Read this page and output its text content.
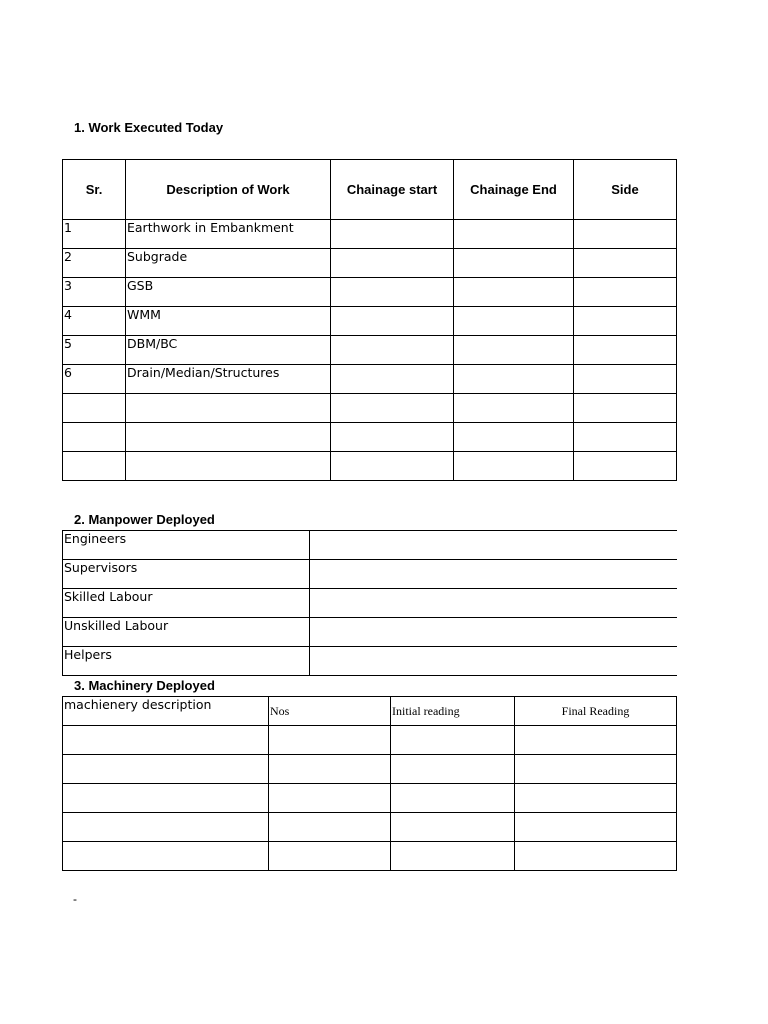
1. Work Executed Today
Sr.	Description of Work	Chainage start	Chainage End	Side

1	Earthwork in Embankment			

2	Subgrade			

3	GSB			

4	WMM			

5	DBM/BC			

6	Drain/Median/Structures			

2. Manpower Deployed
Engineers	

Supervisors	

Skilled Labour	

Unskilled Labour	

Helpers	

3. Machinery Deployed
machienery description	Nos	Initial reading	Final Reading

-
